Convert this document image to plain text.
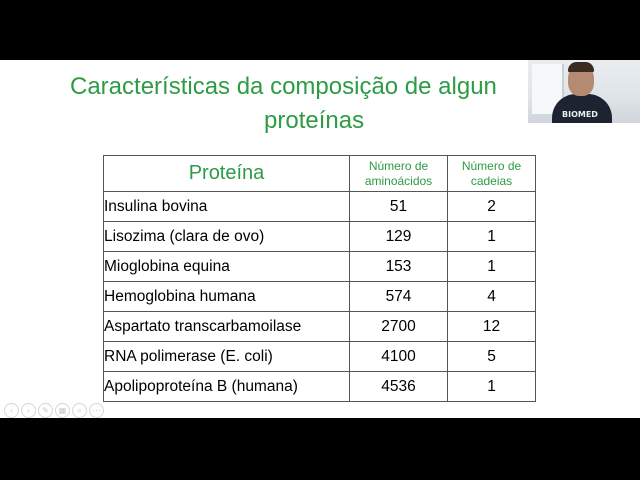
Características da composição de algun
proteínas	BIOMED
Proteína	Número de aminoácidos	Número de cadeias
Insulina bovina	51	2
Lisozima (clara de ovo)	129	1
Mioglobina equina	153	1
Hemoglobina humana	574	4
Aspartato transcarbamoilase	2700	12
RNA polimerase (E. coli)	4100	5
Apolipoproteína B (humana)	4536	1
‹	›	✎	▦	⌕	⋯
